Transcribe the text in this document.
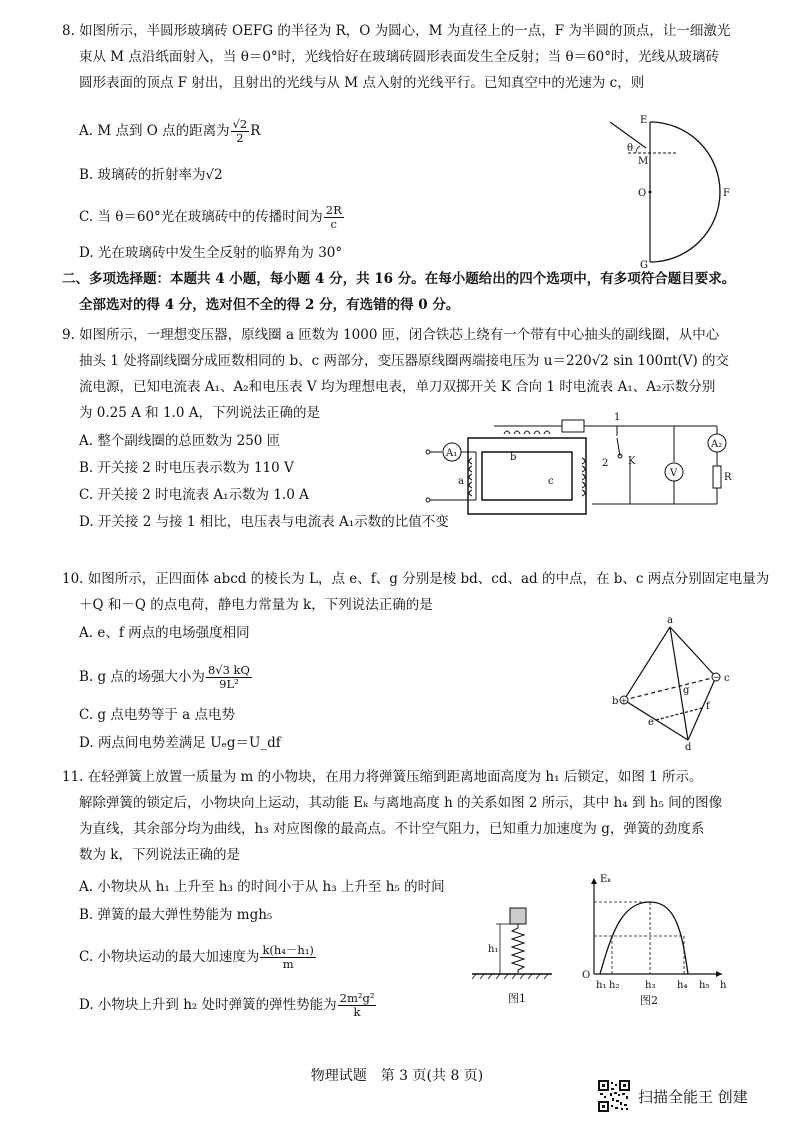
8. 如图所示，半圆形玻璃砖 OEFG 的半径为 R，O 为圆心，M 为直径上的一点，F 为半圆的顶点，让一细激光
束从 M 点沿纸面射入，当 θ＝0°时，光线恰好在玻璃砖圆形表面发生全反射；当 θ＝60°时，光线从玻璃砖
圆形表面的顶点 F 射出，且射出的光线与从 M 点入射的光线平行。已知真空中的光速为 c，则
A. M 点到 O 点的距离为 $\frac{√2}{2}$ R
B. 玻璃砖的折射率为√2
C. 当 θ＝60°光在玻璃砖中的传播时间为 $\frac{2R}{c}$
D. 光在玻璃砖中发生全反射的临界角为 30°
E
θ
M
O	F
G
二、多项选择题：本题共 4 小题，每小题 4 分，共 16 分。在每小题给出的四个选项中，有多项符合题目要求。
全部选对的得 4 分，选对但不全的得 2 分，有选错的得 0 分。
9. 如图所示，一理想变压器，原线圈 a 匝数为 1000 匝，闭合铁芯上绕有一个带有中心抽头的副线圈，从中心
抽头 1 处将副线圈分成匝数相同的 b、c 两部分，变压器原线圈两端接电压为 u＝220√2 sin 100πt(V) 的交
流电源，已知电流表 A₁、A₂和电压表 V 均为理想电表，单刀双掷开关 K 合向 1 时电流表 A₁、A₂示数分别
为 0.25 A 和 1.0 A，下列说法正确的是
A. 整个副线圈的总匝数为 250 匝
B. 开关接 2 时电压表示数为 110 V
C. 开关接 2 时电流表 A₁示数为 1.0 A
D. 开关接 2 与接 1 相比，电压表与电流表 A₁示数的比值不变
A₁
a
b
c
1
2 K
V
A₂
R
10. 如图所示，正四面体 abcd 的棱长为 L，点 e、f、g 分别是棱 bd、cd、ad 的中点，在 b、c 两点分别固定电量为
＋Q 和－Q 的点电荷，静电力常量为 k，下列说法正确的是
A. e、f 两点的电场强度相同
B. g 点的场强大小为 $\frac{8√3 kQ}{\text{9L²}}$
C. g 点电势等于 a 点电势
D. 两点间电势差满足 Uₑg＝U_df
+
−
a
b
c
d
e
f
g
11. 在轻弹簧上放置一质量为 m 的小物块，在用力将弹簧压缩到距离地面高度为 h₁ 后锁定，如图 1 所示。
解除弹簧的锁定后，小物块向上运动，其动能 Eₖ 与离地高度 h 的关系如图 2 所示，其中 h₄ 到 h₅ 间的图像
为直线，其余部分均为曲线，h₃ 对应图像的最高点。不计空气阻力，已知重力加速度为 g，弹簧的劲度系
数为 k，下列说法正确的是
A. 小物块从 h₁ 上升至 h₃ 的时间小于从 h₃ 上升至 h₅ 的时间
B. 弹簧的最大弹性势能为 mgh₅
C. 小物块运动的最大加速度为 $\frac{\text{k(h₄－h₁)}}{m}$
D. 小物块上升到 h₂ 处时弹簧的弹性势能为 $\frac{\text{2m²g²}}{k}$
h₁
图1
Eₖ
O
h
h₁ h₂	h₃ h₄ h₅
图2
物理试题　第 3 页(共 8 页)
扫描全能王 创建
